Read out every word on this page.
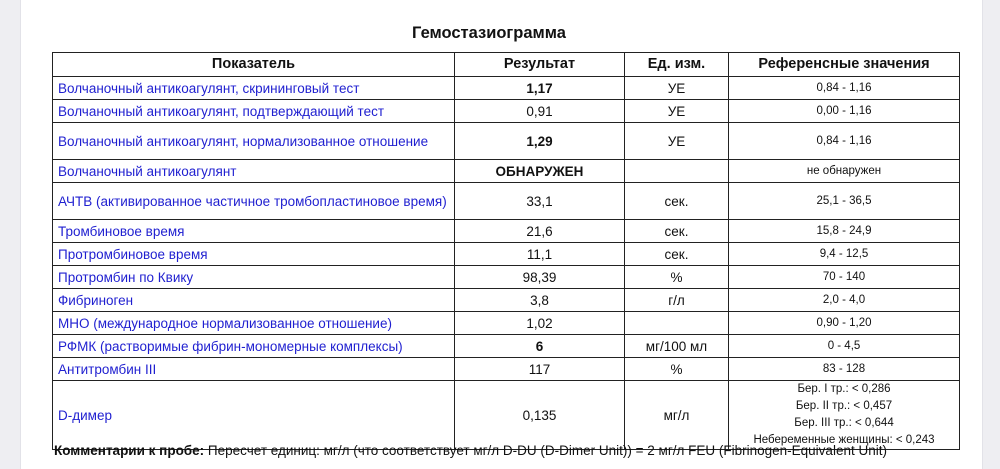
Гемостазиограмма
Показатель	Результат	Ед. изм.	Референсные значения
Волчаночный антикоагулянт, скрининговый тест	1,17	УЕ	0,84 - 1,16

Волчаночный антикоагулянт, подтверждающий тест	0,91	УЕ	0,00 - 1,16

Волчаночный антикоагулянт, нормализованное отношение	1,29	УЕ	0,84 - 1,16

Волчаночный антикоагулянт	ОБНАРУЖЕН		не обнаружен

АЧТВ (активированное частичное тромбопластиновое время)	33,1	сек.	25,1 - 36,5

Тромбиновое время	21,6	сек.	15,8 - 24,9

Протромбиновое время	11,1	сек.	9,4 - 12,5

Протромбин по Квику	98,39	%	70 - 140

Фибриноген	3,8	г/л	2,0 - 4,0

МНО (международное нормализованное отношение)	1,02		0,90 - 1,20

РФМК (растворимые фибрин-мономерные комплексы)	6	мг/100 мл	0 - 4,5

Антитромбин III	117	%	83 - 128

D-димер	0,135	мг/л	Бер. I тр.: < 0,286
Бер. II тр.: < 0,457
Бер. III тр.: < 0,644
Небеременные женщины: < 0,243
Комментарии к пробе: Пересчет единиц: мг/л (что соответствует мг/л D-DU (D-Dimer Unit)) = 2 мг/л FEU (Fibrinogen-Equivalent Unit)
